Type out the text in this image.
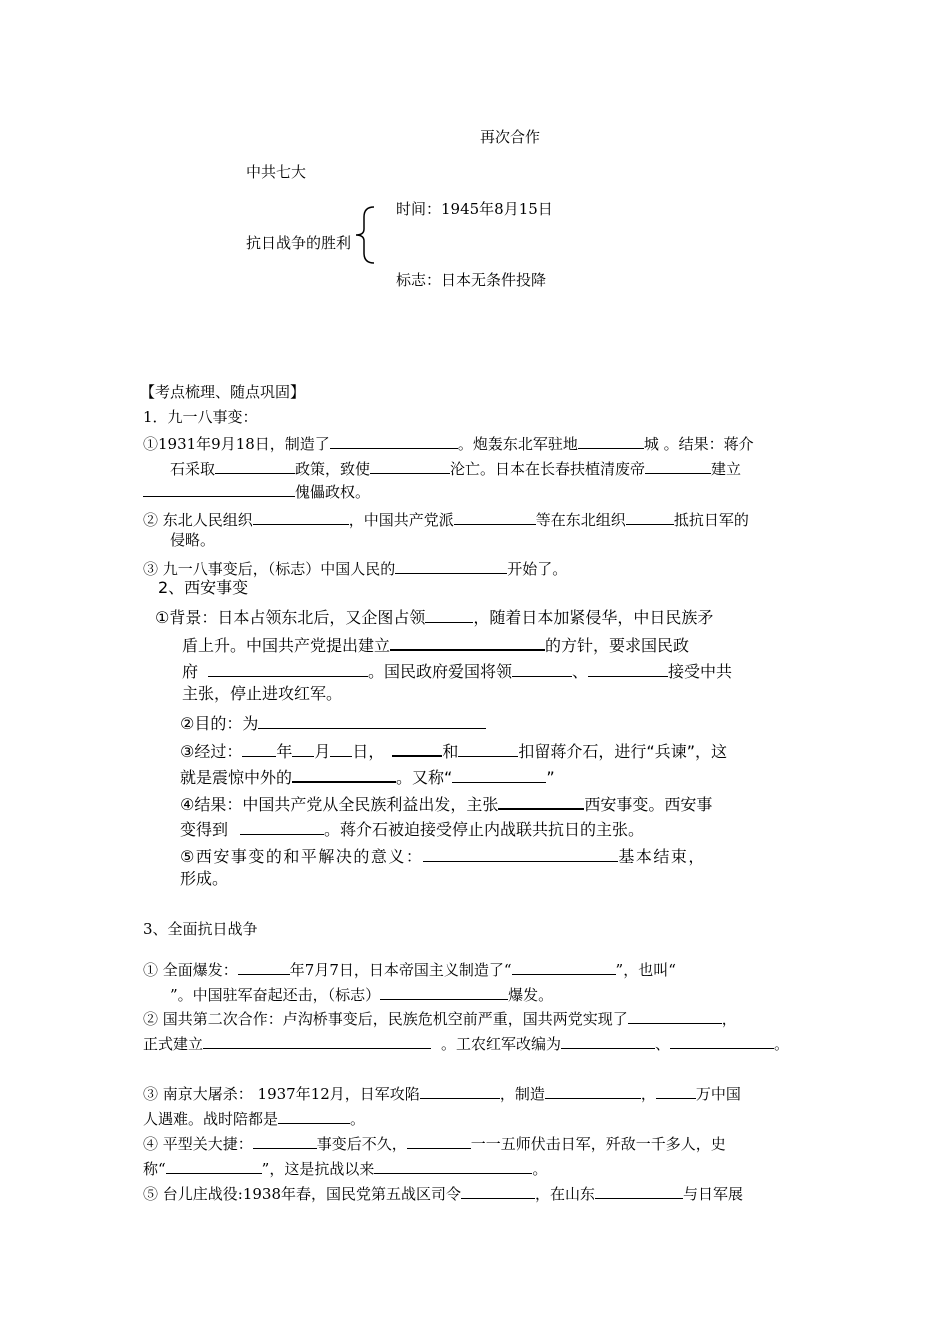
再次合作
中共七大
抗日战争的胜利
时间：1945年8月15日
标志：日本无条件投降
【考点梳理、随点巩固】
1．九一八事变：
①1931年9月18日，制造了	。炮轰东北军驻地	城 。结果：蒋介
石采取	政策，致使	沦亡。日本在长春扶植清废帝	建立
傀儡政权。
② 东北人民组织	，中国共产党派	等在东北组织	抵抗日军的
侵略。
③ 九一八事变后，（标志）中国人民的	开始了。
2、西安事变
①背景：日本占领东北后，又企图占领	，随着日本加紧侵华，中日民族矛
盾上升。中国共产党提出建立	的方针，要求国民政
府	。国民政府爱国将领	、	接受中共
主张，停止进攻红军。
②目的：为
③经过： 年 月 日，	和	扣留蒋介石，进行“兵谏”，这
就是震惊中外的	。又称“	”
④结果：中国共产党从全民族利益出发，主张	西安事变。西安事
变得到	。蒋介石被迫接受停止内战联共抗日的主张。
⑤西安事变的和平解决的意义：	基本结束，
形成。
3、全面抗日战争
① 全面爆发：	年7月7日，日本帝国主义制造了“	”，也叫“
”。中国驻军奋起还击，（标志）	爆发。
② 国共第二次合作：卢沟桥事变后，民族危机空前严重，国共两党实现了	，
正式建立	。工农红军改编为	、	。
③ 南京大屠杀： 1937年12月，日军攻陷	，制造	，	万中国
人遇难。战时陪都是	。
④ 平型关大捷：	事变后不久，	一一五师伏击日军，歼敌一千多人，史
称“	”，这是抗战以来	。
⑤ 台儿庄战役:1938年春，国民党第五战区司令	，在山东	与日军展
